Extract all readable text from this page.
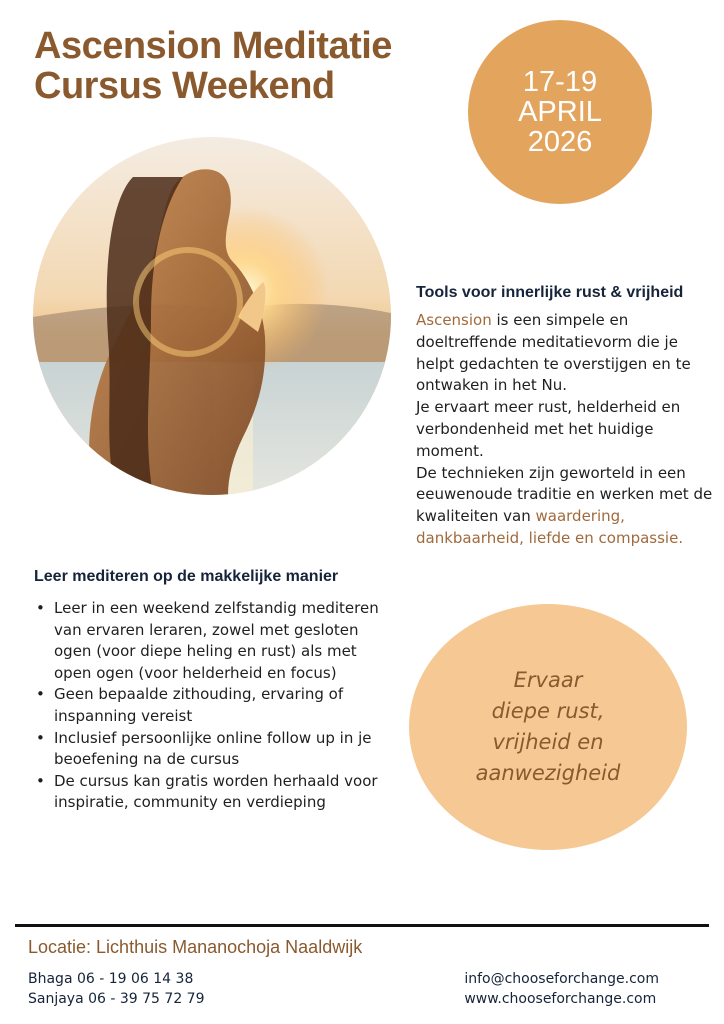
Ascension Meditatie
Cursus Weekend	17-19
APRIL
2026
Tools voor innerlijke rust & vrijheid

Ascension is een simpele en doeltreffende meditatievorm die je helpt gedachten te overstijgen en te ontwaken in het Nu.
Je ervaart meer rust, helderheid en verbondenheid met het huidige moment.
De technieken zijn geworteld in een eeuwenoude traditie en werken met de kwaliteiten van waardering, dankbaarheid, liefde en compassie.

Leer mediteren op de makkelijke manier
• Leer in een weekend zelfstandig mediteren van ervaren leraren, zowel met gesloten ogen (voor diepe heling en rust) als met open ogen (voor helderheid en focus)
• Geen bepaalde zithouding, ervaring of inspanning vereist
• Inclusief persoonlijke online follow up in je beoefening na de cursus
• De cursus kan gratis worden herhaald voor inspiratie, community en verdieping
Ervaar
diepe rust,
vrijheid en
aanwezigheid
Locatie: Lichthuis Mananochoja Naaldwijk
Bhaga 06 - 19 06 14 38
Sanjaya 06 - 39 75 72 79
info@chooseforchange.com
www.chooseforchange.com
